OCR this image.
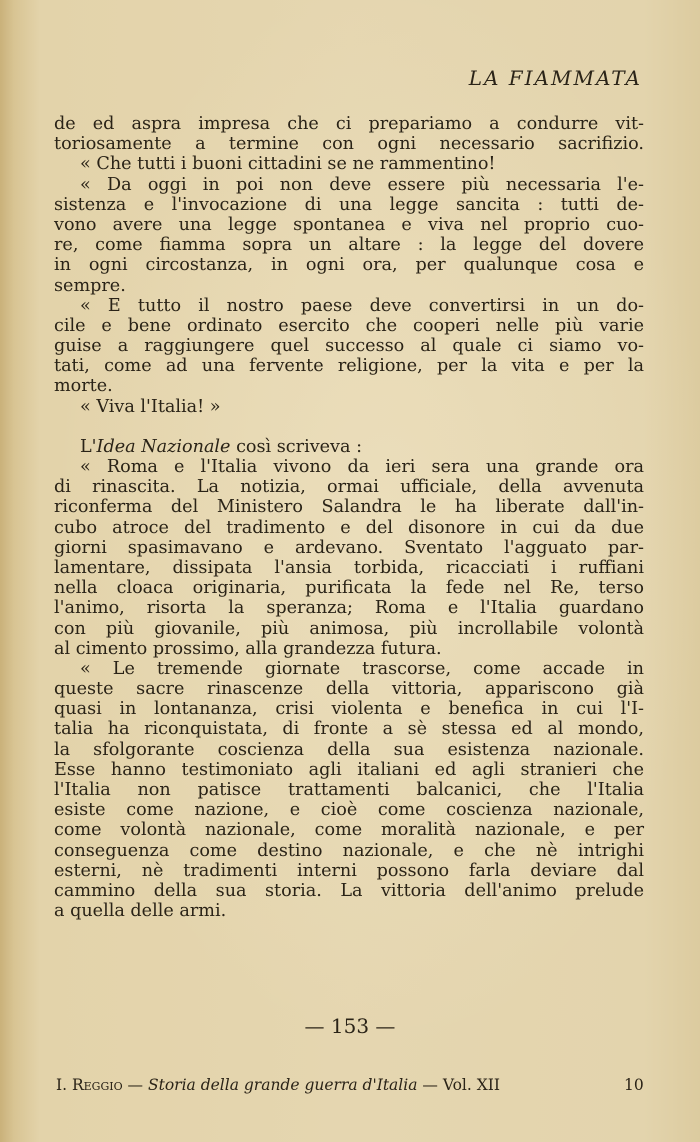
LA FIAMMATA
de ed aspra impresa che ci prepariamo a condurre vit-
toriosamente a termine con ogni necessario sacrifizio.
« Che tutti i buoni cittadini se ne rammentino!
« Da oggi in poi non deve essere più necessaria l'e-
sistenza e l'invocazione di una legge sancita : tutti de-
vono avere una legge spontanea e viva nel proprio cuo-
re, come fiamma sopra un altare : la legge del dovere
in ogni circostanza, in ogni ora, per qualunque cosa e
sempre.
« E tutto il nostro paese deve convertirsi in un do-
cile e bene ordinato esercito che cooperi nelle più varie
guise a raggiungere quel successo al quale ci siamo vo-
tati, come ad una fervente religione, per la vita e per la
morte.
« Viva l'Italia! »
L'Idea Nazionale così scriveva :
« Roma e l'Italia vivono da ieri sera una grande ora
di rinascita. La notizia, ormai ufficiale, della avvenuta
riconferma del Ministero Salandra le ha liberate dall'in-
cubo atroce del tradimento e del disonore in cui da due
giorni spasimavano e ardevano. Sventato l'agguato par-
lamentare, dissipata l'ansia torbida, ricacciati i ruffiani
nella cloaca originaria, purificata la fede nel Re, terso
l'animo, risorta la speranza; Roma e l'Italia guardano
con più giovanile, più animosa, più incrollabile volontà
al cimento prossimo, alla grandezza futura.
« Le tremende giornate trascorse, come accade in
queste sacre rinascenze della vittoria, appariscono già
quasi in lontananza, crisi violenta e benefica in cui l'I-
talia ha riconquistata, di fronte a sè stessa ed al mondo,
la sfolgorante coscienza della sua esistenza nazionale.
Esse hanno testimoniato agli italiani ed agli stranieri che
l'Italia non patisce trattamenti balcanici, che l'Italia
esiste come nazione, e cioè come coscienza nazionale,
come volontà nazionale, come moralità nazionale, e per
conseguenza come destino nazionale, e che nè intrighi
esterni, nè tradimenti interni possono farla deviare dal
cammino della sua storia. La vittoria dell'animo prelude
a quella delle armi.
— 153 —
I. Reggio — Storia della grande guerra d'Italia — Vol. XII	10
